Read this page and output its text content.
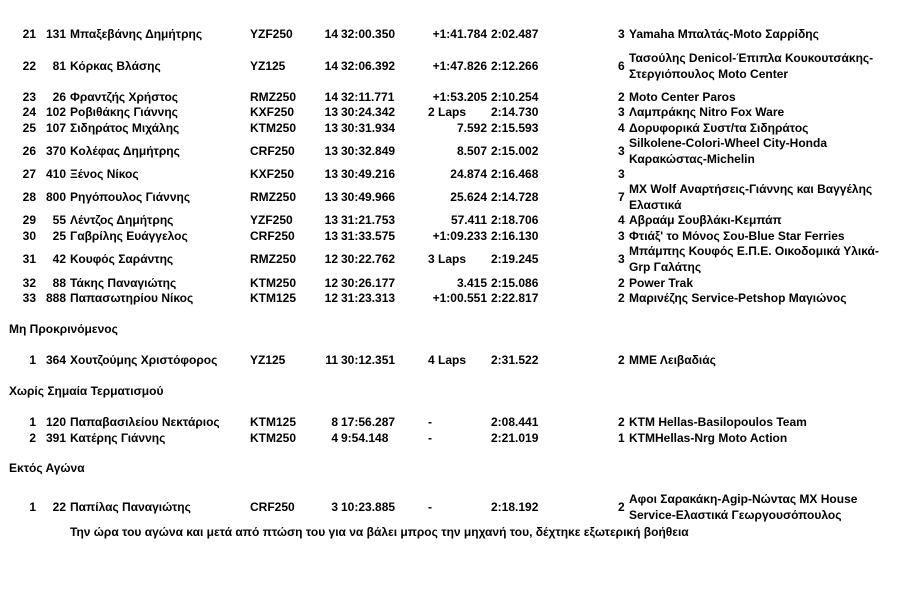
21 131 Μπαξεβάνης Δημήτρης	YZF250	14 32:00.350	+1:41.784 2:02.487	3 Yamaha Μπαλτάς-Moto Σαρρίδης
22 81 Κόρκας Βλάσης	YZ125	14 32:06.392	+1:47.826 2:12.266	6
Τασούλης Denicol-Έπιπλα Κουκουτσάκης-
Στεργιόπουλος Moto Center
23 26 Φραντζής Χρήστος	RMZ250 14 32:11.771	+1:53.205 2:10.254	2 Moto Center Paros
24 102 Ροβιθάκης Γιάννης	KXF250	13 30:24.342	2 Laps 2:14.730	3 Λαμπράκης Nitro Fox Ware
25 107 Σιδηράτος Μιχάλης	KTM250 13 30:31.934	7.592 2:15.593	4 Δορυφορικά Συστ/τα Σιδηράτος
26 370 Κολέφας Δημήτρης	CRF250 13 30:32.849	8.507 2:15.002	3
Silkolene-Colori-Wheel City-Honda
Καρακώστας-Michelin
27 410 Ξένος Νίκος	KXF250	13 30:49.216	24.874 2:16.468	3
28 800 Ρηγόπουλος Γιάννης	RMZ250 13 30:49.966	25.624 2:14.728	7
MX Wolf Αναρτήσεις-Γιάννης και Βαγγέλης
Ελαστικά
29 55 Λέντζος Δημήτρης	YZF250	13 31:21.753	57.411 2:18.706	4 Αβραάμ Σουβλάκι-Κεμπάπ
30 25 Γαβρίλης Ευάγγελος	CRF250 13 31:33.575	+1:09.233 2:16.130	3 Φτιάξ' το Μόνος Σου-Blue Star Ferries
31 42 Κουφός Σαράντης	RMZ250 12 30:22.762	3 Laps 2:19.245	3
Μπάμπης Κουφός Ε.Π.Ε. Οικοδομικά Υλικά-
Grp Γαλάτης
32 88 Τάκης Παναγιώτης	KTM250 12 30:26.177	3.415 2:15.086	2 Power Trak
33 888 Παπασωτηρίου Νίκος	KTM125 12 31:23.313	+1:00.551 2:22.817	2 Μαρινέζης Service-Petshop Μαγιώνος
1 364 Χουτζούμης Χριστόφορος	YZ125	11 30:12.351	4 Laps 2:31.522	2 ΜΜΕ Λειβαδιάς
1 120 Παπαβασιλείου Νεκτάριος	KTM125	8 17:56.287	-	2:08.441	2 KTM Hellas-Basilopoulos Team
2 391 Κατέρης Γιάννης	KTM250	4 9:54.148	-	2:21.019	1 KTMHellas-Nrg Moto Action
1 22 Παπίλας Παναγιώτης	CRF250	3 10:23.885	-	2:18.192	2
Αφοι Σαρακάκη-Agip-Νώντας MX House
Service-Ελαστικά Γεωργουσόπουλος
Μη Προκρινόμενος
Χωρίς Σημαία Τερματισμού
Εκτός Αγώνα
Την ώρα του αγώνα και μετά από πτώση του για να βάλει μπρος την μηχανή του, δέχτηκε εξωτερική βοήθεια
